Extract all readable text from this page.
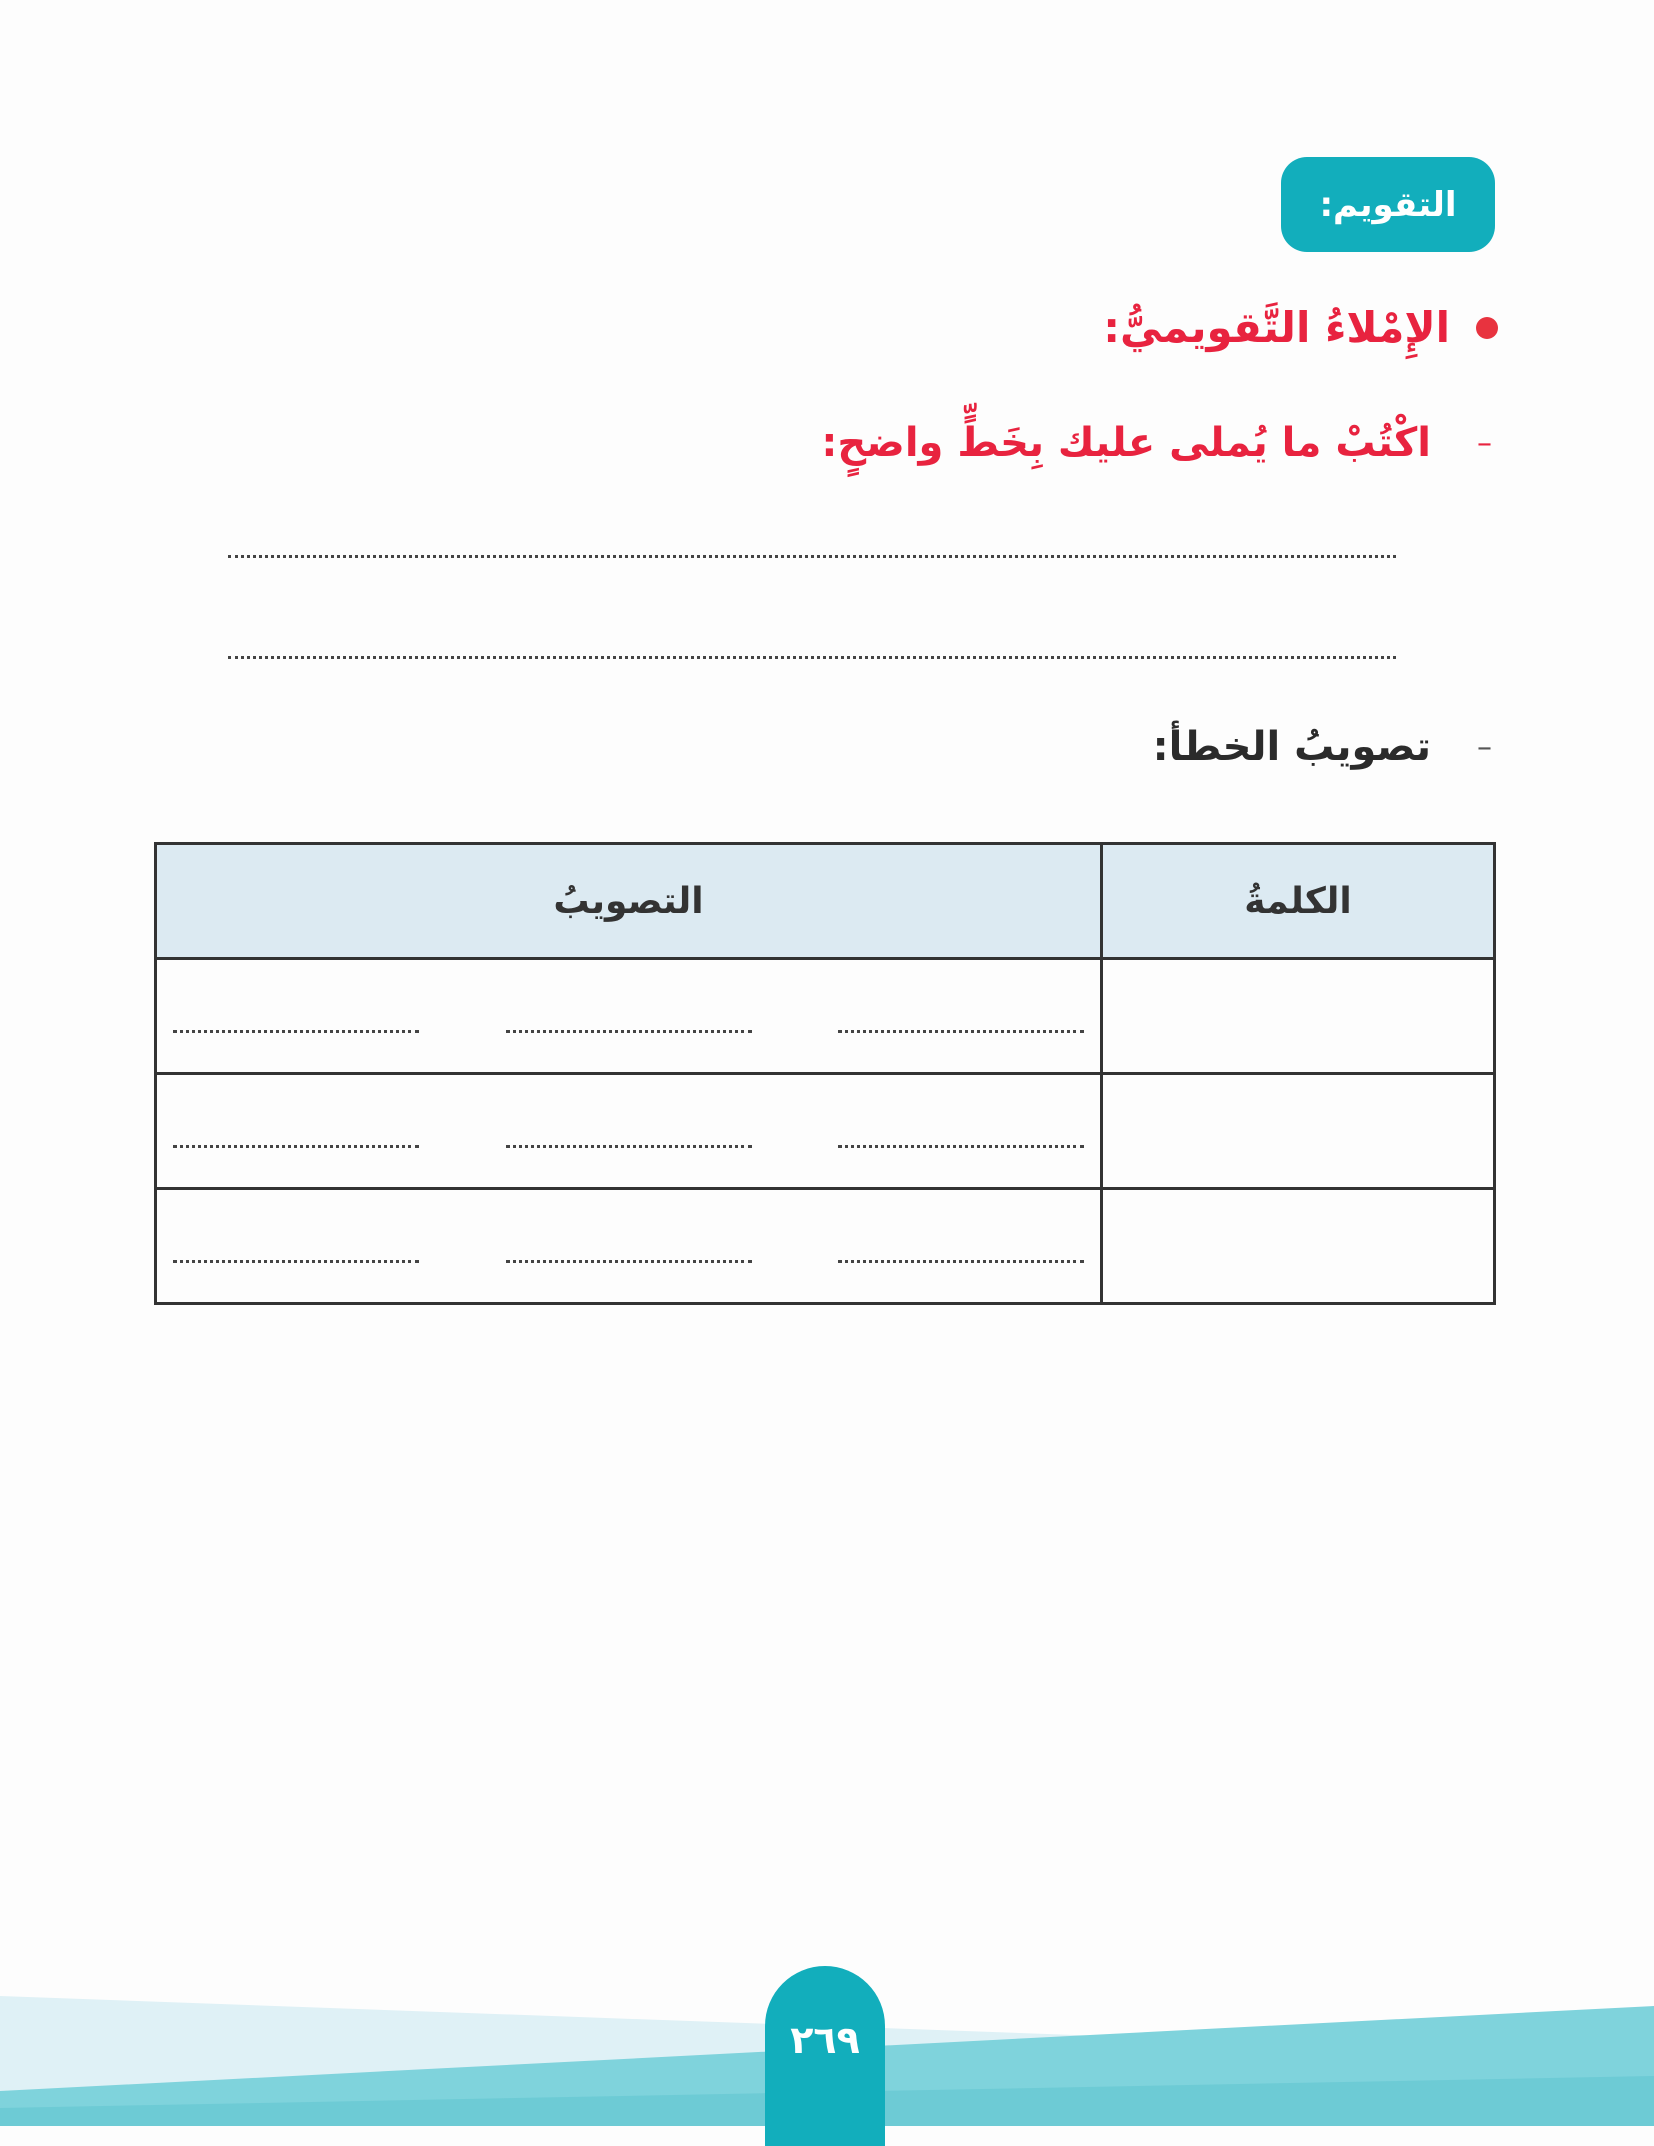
التقويم:
الإِمْلاءُ التَّقويميُّ:
–
اكْتُبْ ما يُملى عليك بِخَطٍّ واضحٍ:
–
تصويبُ الخطأ:
الكلمةُ	التصويبُ

٢٦٩
